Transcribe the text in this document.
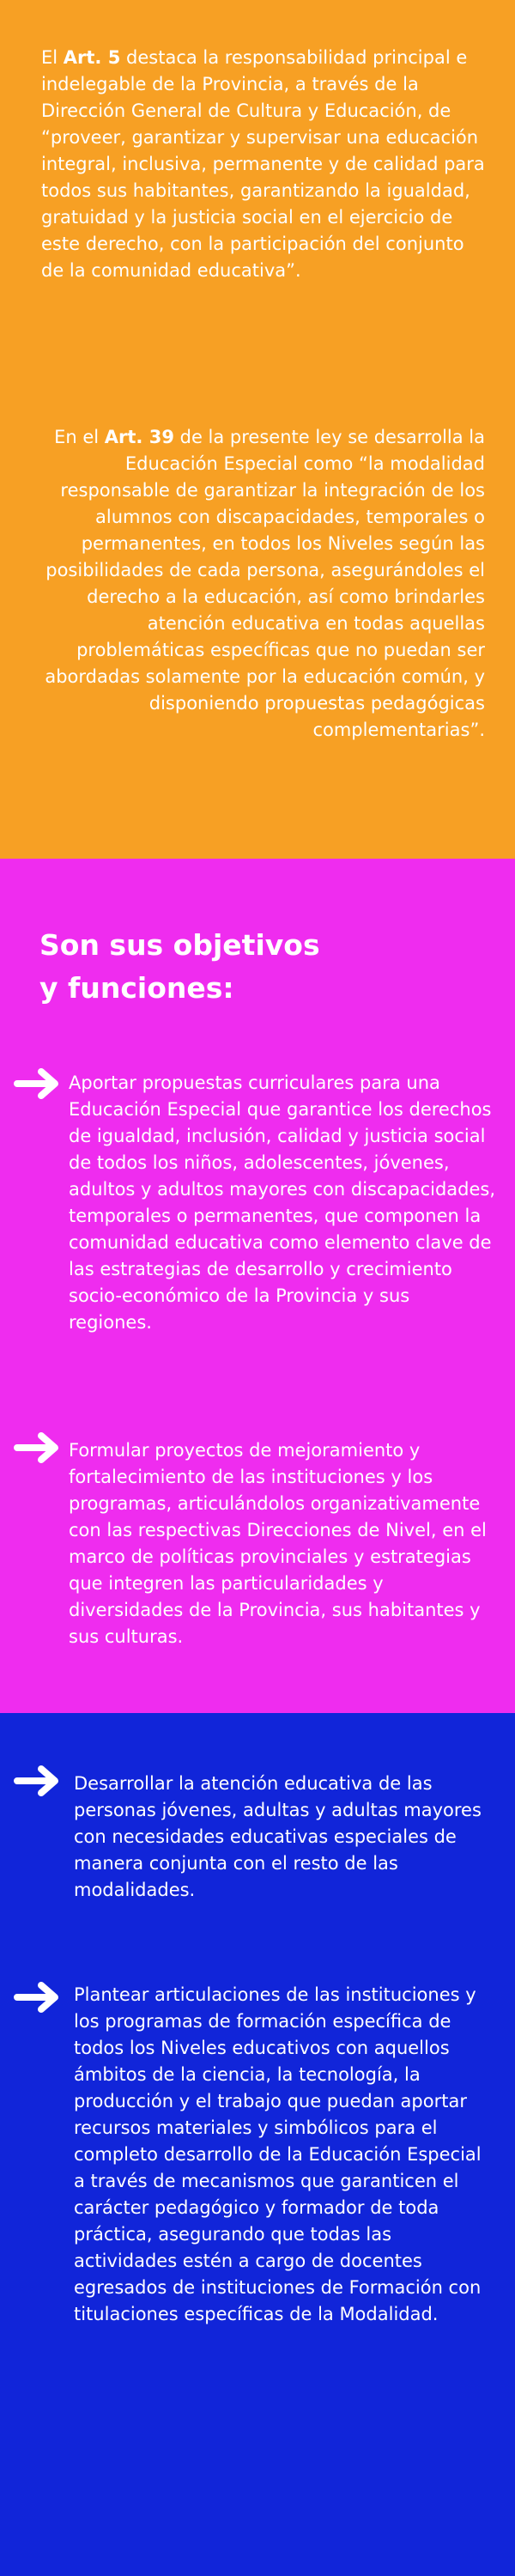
El Art. 5 destaca la responsabilidad principal e indelegable de la Provincia, a través de la Dirección General de Cultura y Educación, de “proveer, garantizar y supervisar una educación integral, inclusiva, permanente y de calidad para todos sus habitantes, garantizando la igualdad, gratuidad y la justicia social en el ejercicio de este derecho, con la participación del conjunto de la comunidad educativa”.

En el Art. 39 de la presente ley se desarrolla la Educación Especial como “la modalidad responsable de garantizar la integración de los alumnos con discapacidades, temporales o permanentes, en todos los Niveles según las posibilidades de cada persona, asegurándoles el derecho a la educación, así como brindarles atención educativa en todas aquellas problemáticas específicas que no puedan ser abordadas solamente por la educación común, y disponiendo propuestas pedagógicas complementarias”.

Son sus objetivos
y funciones:

Aportar propuestas curriculares para una Educación Especial que garantice los derechos de igualdad, inclusión, calidad y justicia social de todos los niños, adolescentes, jóvenes, adultos y adultos mayores con discapacidades, temporales o permanentes, que componen la comunidad educativa como elemento clave de las estrategias de desarrollo y crecimiento socio-económico de la Provincia y sus regiones.

Formular proyectos de mejoramiento y fortalecimiento de las instituciones y los programas, articulándolos organizativamente con las respectivas Direcciones de Nivel, en el marco de políticas provinciales y estrategias que integren las particularidades y diversidades de la Provincia, sus habitantes y sus culturas.

Desarrollar la atención educativa de las personas jóvenes, adultas y adultas mayores con necesidades educativas especiales de manera conjunta con el resto de las modalidades.

Plantear articulaciones de las instituciones y los programas de formación específica de todos los Niveles educativos con aquellos ámbitos de la ciencia, la tecnología, la producción y el trabajo que puedan aportar recursos materiales y simbólicos para el completo desarrollo de la Educación Especial a través de mecanismos que garanticen el carácter pedagógico y formador de toda práctica, asegurando que todas las actividades estén a cargo de docentes egresados de instituciones de Formación con titulaciones específicas de la Modalidad.
